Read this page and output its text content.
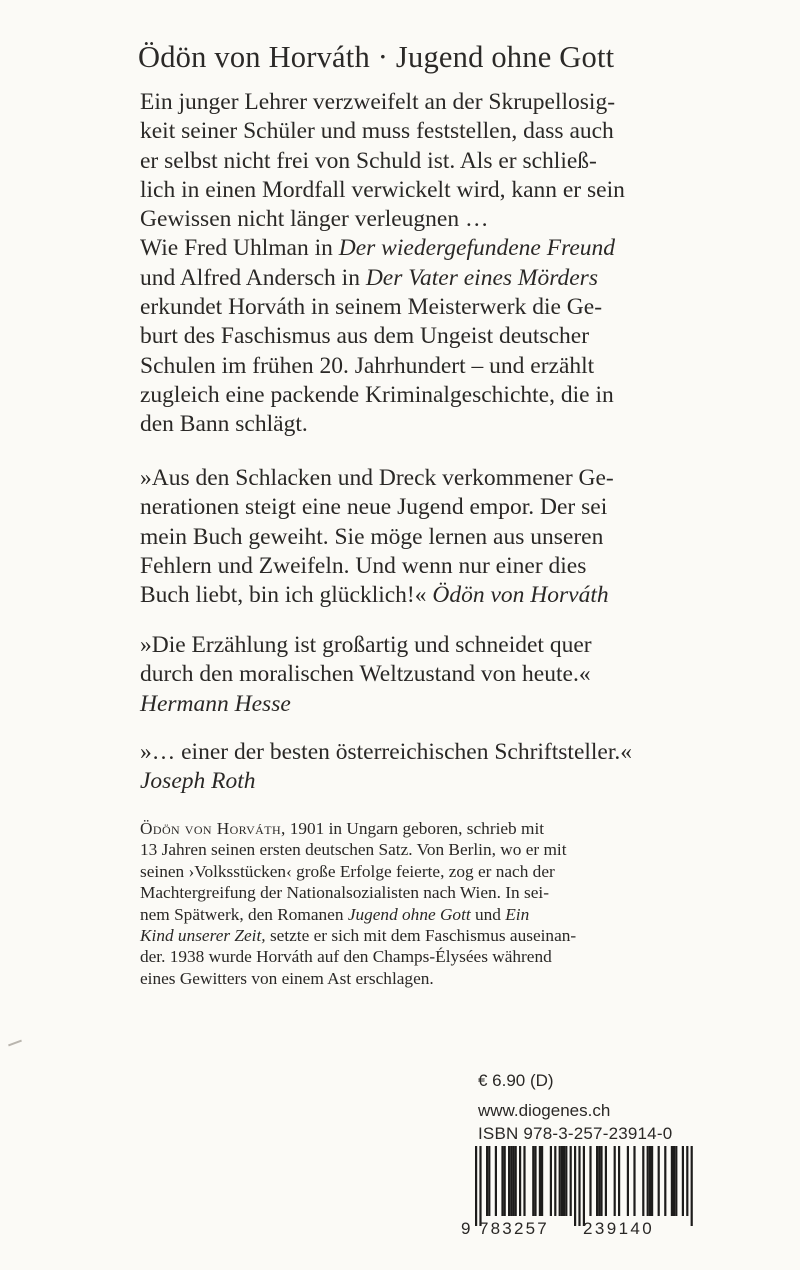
Ödön von Horváth · Jugend ohne Gott
Ein junger Lehrer verzweifelt an der Skrupellosig-
keit seiner Schüler und muss feststellen, dass auch
er selbst nicht frei von Schuld ist. Als er schließ-
lich in einen Mordfall verwickelt wird, kann er sein
Gewissen nicht länger verleugnen …
Wie Fred Uhlman in Der wiedergefundene Freund
und Alfred Andersch in Der Vater eines Mörders
erkundet Horváth in seinem Meisterwerk die Ge-
burt des Faschismus aus dem Ungeist deutscher
Schulen im frühen 20. Jahrhundert – und erzählt
zugleich eine packende Kriminalgeschichte, die in
den Bann schlägt.
»Aus den Schlacken und Dreck verkommener Ge-
nerationen steigt eine neue Jugend empor. Der sei
mein Buch geweiht. Sie möge lernen aus unseren
Fehlern und Zweifeln. Und wenn nur einer dies
Buch liebt, bin ich glücklich!« Ödön von Horváth
»Die Erzählung ist großartig und schneidet quer
durch den moralischen Weltzustand von heute.«
Hermann Hesse
»… einer der besten österreichischen Schriftsteller.«
Joseph Roth
Ödön von Horváth, 1901 in Ungarn geboren, schrieb mit
13 Jahren seinen ersten deutschen Satz. Von Berlin, wo er mit
seinen ›Volksstücken‹ große Erfolge feierte, zog er nach der
Machtergreifung der Nationalsozialisten nach Wien. In sei-
nem Spätwerk, den Romanen Jugend ohne Gott und Ein
Kind unserer Zeit, setzte er sich mit dem Faschismus auseinan-
der. 1938 wurde Horváth auf den Champs-Élysées während
eines Gewitters von einem Ast erschlagen.
€ 6.90 (D)
www.diogenes.ch
ISBN 978-3-257-23914-0
9 783257 239140
